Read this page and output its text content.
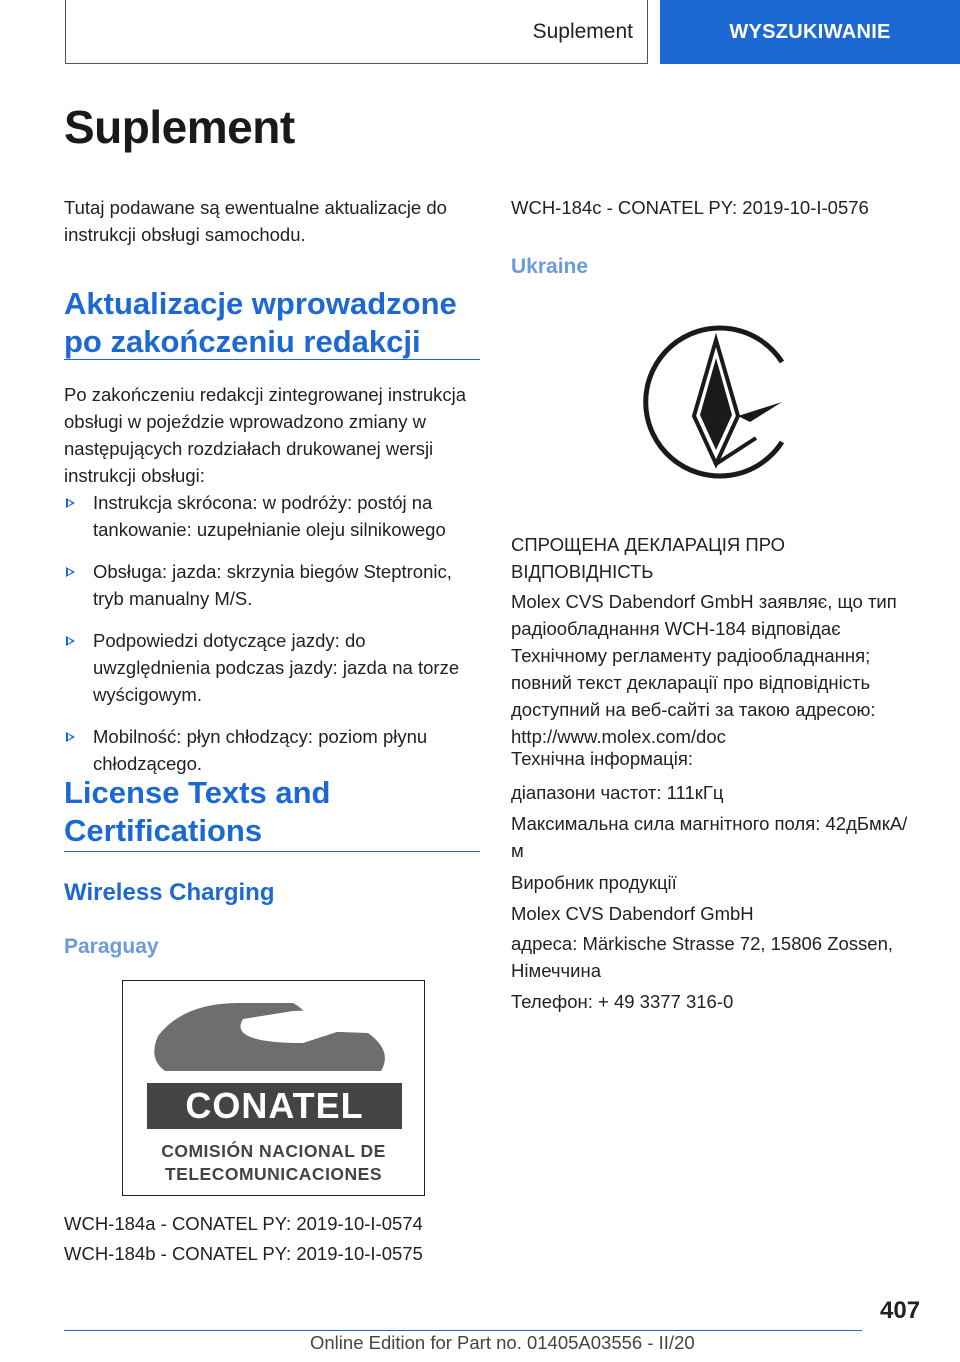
Suplement	WYSZUKIWANIE
Suplement
Tutaj podawane są ewentualne aktualizacje do instrukcji obsługi samochodu.
Aktualizacje wprowadzone
po zakończeniu redakcji
Po zakończeniu redakcji zintegrowanej instrukcja obsługi w pojeździe wprowadzono zmiany w następujących rozdziałach drukowanej wersji instrukcji obsługi:
Instrukcja skrócona: w podróży: postój na tankowanie: uzupełnianie oleju silnikowego
Obsługa: jazda: skrzynia biegów Steptronic, tryb manualny M/S.
Podpowiedzi dotyczące jazdy: do uwzględnienia podczas jazdy: jazda na torze wyścigowym.
Mobilność: płyn chłodzący: poziom płynu chłodzącego.
License Texts and
Certifications
Wireless Charging
Paraguay
CONATEL
COMISIÓN NACIONAL DE
TELECOMUNICACIONES
WCH-184a - CONATEL PY: 2019-10-I-0574
WCH-184b - CONATEL PY: 2019-10-I-0575
WCH-184c - CONATEL PY: 2019-10-I-0576
Ukraine
СПРОЩЕНА ДЕКЛАРАЦІЯ ПРО ВІДПОВІДНІСТЬ
Molex CVS Dabendorf GmbH заявляє, що тип радіообладнання WCH-184 відповідає Технічному регламенту радіообладнання; повний текст декларації про відповідність доступний на веб-сайті за такою адресою: http://www.molex.com/doc
Технічна інформація:
діапазони частот: 111кГц
Максимальна сила магнітного поля: 42дБмкА/м
Виробник продукції
Molex CVS Dabendorf GmbH
адреса: Märkische Strasse 72, 15806 Zossen, Німеччина
Телефон: + 49 3377 316-0
407
Online Edition for Part no. 01405A03556 - II/20
